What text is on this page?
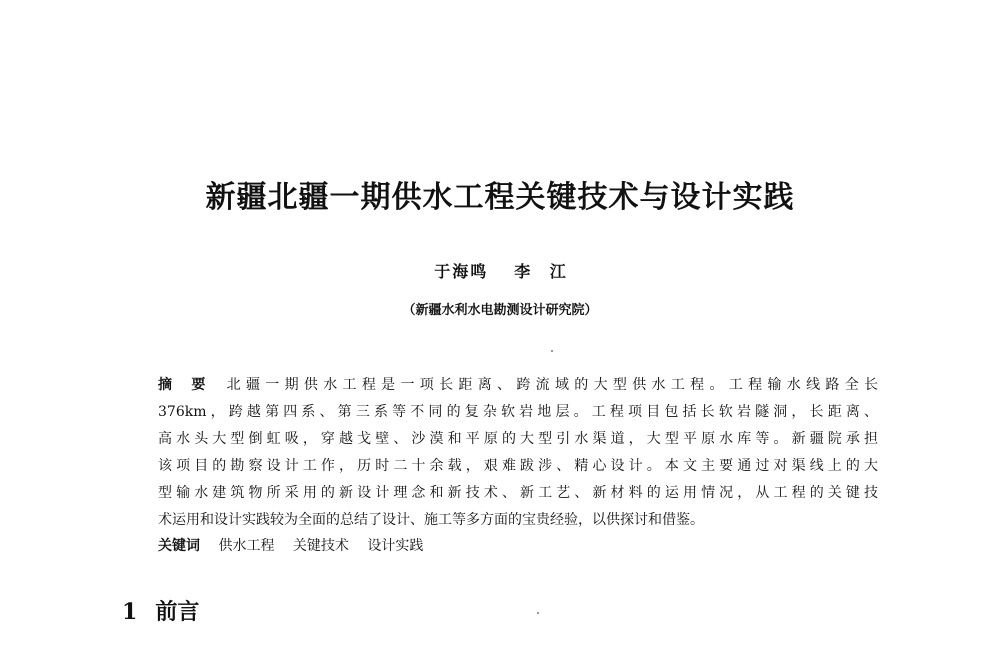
新疆北疆一期供水工程关键技术与设计实践
于海鸣 李 江
（新疆水利水电勘测设计研究院）
摘要 北疆一期供水工程是一项长距离、跨流域的大型供水工程。工程输水线路全长
376km，跨越第四系、第三系等不同的复杂软岩地层。工程项目包括长软岩隧洞，长距离、
高水头大型倒虹吸，穿越戈壁、沙漠和平原的大型引水渠道，大型平原水库等。新疆院承担
该项目的勘察设计工作，历时二十余载，艰难跋涉、精心设计。本文主要通过对渠线上的大
型输水建筑物所采用的新设计理念和新技术、新工艺、新材料的运用情况，从工程的关键技
术运用和设计实践较为全面的总结了设计、施工等多方面的宝贵经验，以供探讨和借鉴。
关键词 供水工程 关键技术 设计实践
1 前言
